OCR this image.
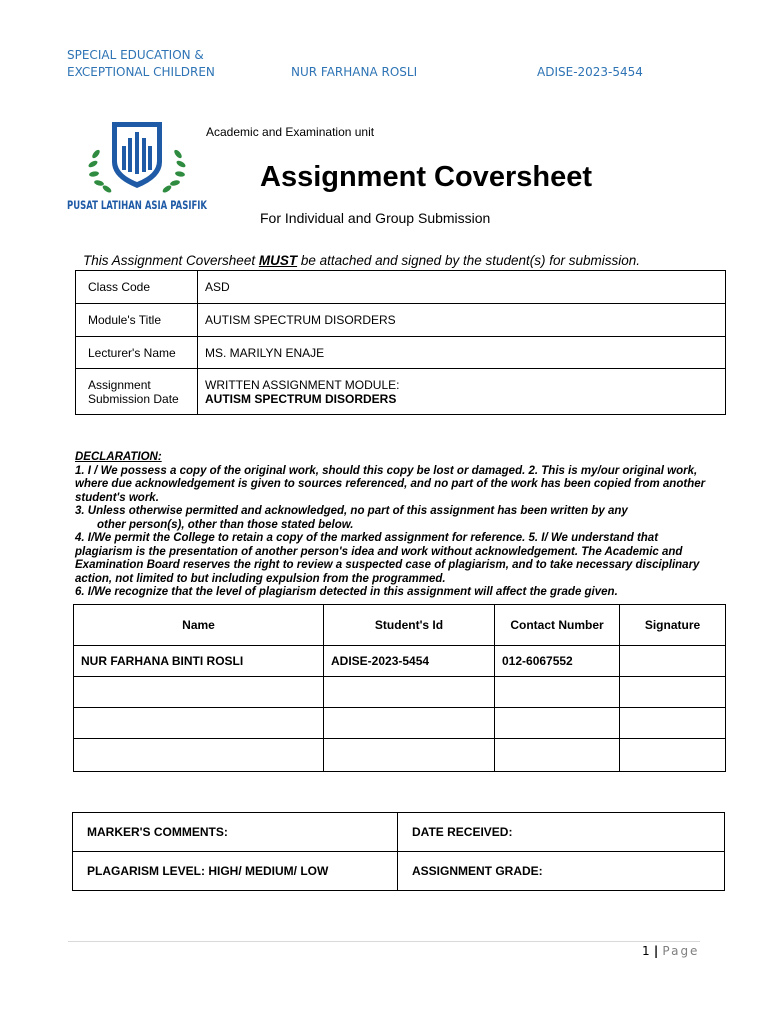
SPECIAL EDUCATION &
EXCEPTIONAL CHILDREN	NUR FARHANA ROSLI	ADISE-2023-5454
PUSAT LATIHAN ASIA PASIFIK
Academic and Examination unit
Assignment Coversheet
For Individual and Group Submission
This Assignment Coversheet MUST be attached and signed by the student(s) for submission.
Class Code	ASD
Module's Title	AUTISM SPECTRUM DISORDERS
Lecturer's Name	MS. MARILYN ENAJE
Assignment Submission Date	WRITTEN ASSIGNMENT MODULE:
AUTISM SPECTRUM DISORDERS
DECLARATION:
1. I / We possess a copy of the original work, should this copy be lost or damaged. 2. This is my/our original work, where due acknowledgement is given to sources referenced, and no part of the work has been copied from another student's work.
3. Unless otherwise permitted and acknowledged, no part of this assignment has been written by any
other person(s), other than those stated below.
4. I/We permit the College to retain a copy of the marked assignment for reference. 5. I/ We understand that plagiarism is the presentation of another person's idea and work without acknowledgement. The Academic and Examination Board reserves the right to review a suspected case of plagiarism, and to take necessary disciplinary action, not limited to but including expulsion from the programmed.
6. I/We recognize that the level of plagiarism detected in this assignment will affect the grade given.
Name	Student's Id	Contact Number	Signature
NUR FARHANA BINTI ROSLI	ADISE-2023-5454	012-6067552	

MARKER'S COMMENTS:	DATE RECEIVED:
PLAGARISM LEVEL: HIGH/ MEDIUM/ LOW	ASSIGNMENT GRADE:
1 | Page
